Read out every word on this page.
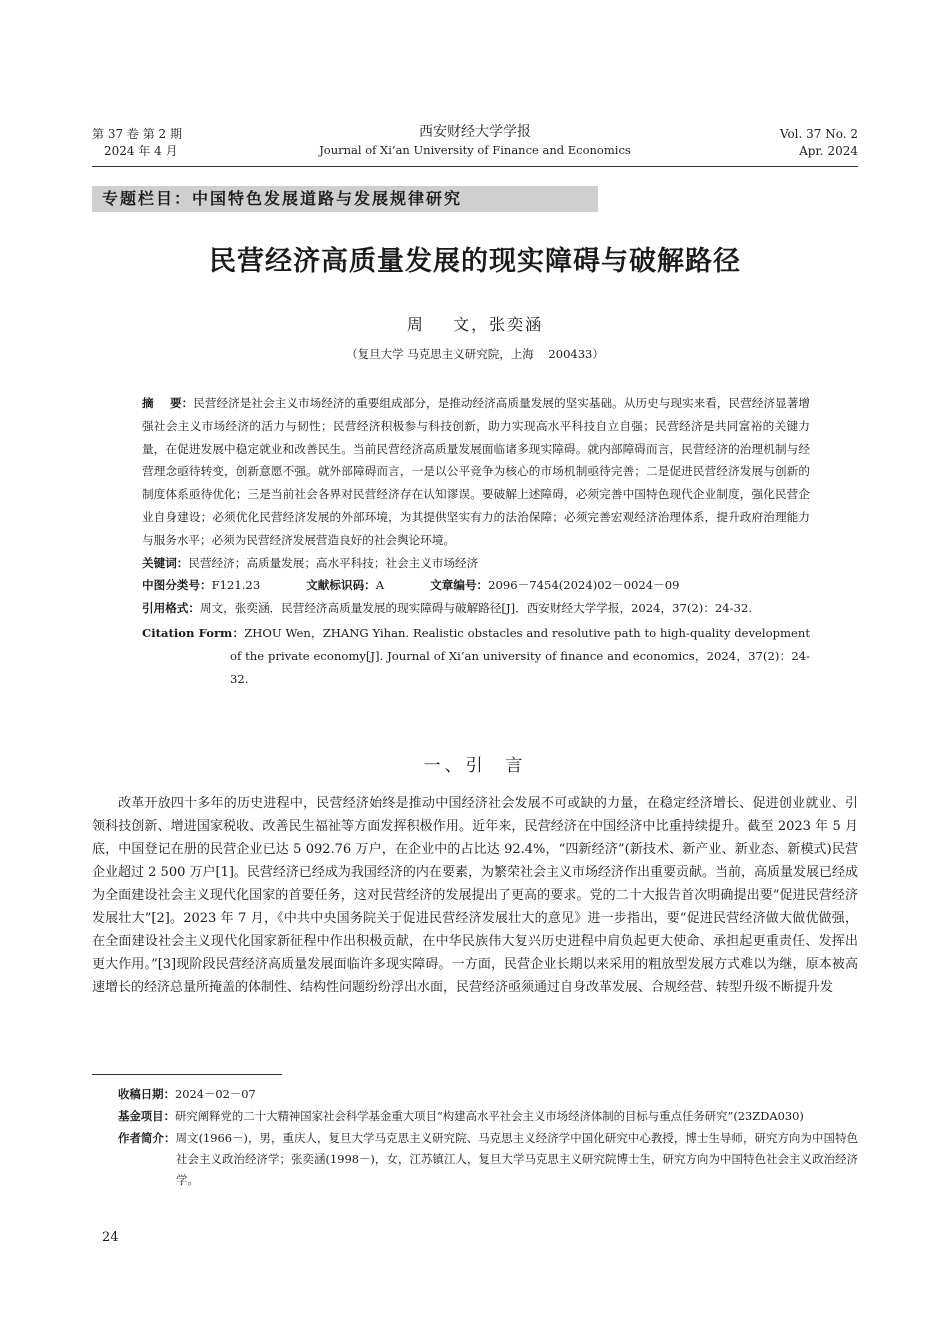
第 37 卷 第 2 期
2024 年 4 月
西安财经大学学报
Journal of Xi’an University of Finance and Economics
Vol. 37 No. 2
Apr. 2024
专题栏目：中国特色发展道路与发展规律研究
民营经济高质量发展的现实障碍与破解路径
周    文，张奕涵
（复旦大学 马克思主义研究院，上海    200433）
摘    要：民营经济是社会主义市场经济的重要组成部分，是推动经济高质量发展的坚实基础。从历史与现实来看，民营经济显著增强社会主义市场经济的活力与韧性；民营经济积极参与科技创新，助力实现高水平科技自立自强；民营经济是共同富裕的关键力量，在促进发展中稳定就业和改善民生。当前民营经济高质量发展面临诸多现实障碍。就内部障碍而言，民营经济的治理机制与经营理念亟待转变，创新意愿不强。就外部障碍而言，一是以公平竞争为核心的市场机制亟待完善；二是促进民营经济发展与创新的制度体系亟待优化；三是当前社会各界对民营经济存在认知谬误。要破解上述障碍，必须完善中国特色现代企业制度，强化民营企业自身建设；必须优化民营经济发展的外部环境，为其提供坚实有力的法治保障；必须完善宏观经济治理体系，提升政府治理能力与服务水平；必须为民营经济发展营造良好的社会舆论环境。
关键词：民营经济；高质量发展；高水平科技；社会主义市场经济
中图分类号：F121.23	文献标识码：A	文章编号：2096－7454(2024)02－0024－09
引用格式：周文，张奕涵．民营经济高质量发展的现实障碍与破解路径[J]．西安财经大学学报，2024，37(2)：24-32.
Citation Form：ZHOU Wen，ZHANG Yihan. Realistic obstacles and resolutive path to high-quality development of the private economy[J]. Journal of Xi’an university of finance and economics，2024，37(2)：24-32.
一、引  言

改革开放四十多年的历史进程中，民营经济始终是推动中国经济社会发展不可或缺的力量，在稳定经济增长、促进创业就业、引领科技创新、增进国家税收、改善民生福祉等方面发挥积极作用。近年来，民营经济在中国经济中比重持续提升。截至 2023 年 5 月底，中国登记在册的民营企业已达 5 092.76 万户，在企业中的占比达 92.4%，“四新经济”(新技术、新产业、新业态、新模式)民营企业超过 2 500 万户[1]。民营经济已经成为我国经济的内在要素，为繁荣社会主义市场经济作出重要贡献。当前，高质量发展已经成为全面建设社会主义现代化国家的首要任务，这对民营经济的发展提出了更高的要求。党的二十大报告首次明确提出要“促进民营经济发展壮大”[2]。2023 年 7 月，《中共中央国务院关于促进民营经济发展壮大的意见》进一步指出，要“促进民营经济做大做优做强，在全面建设社会主义现代化国家新征程中作出积极贡献，在中华民族伟大复兴历史进程中肩负起更大使命、承担起更重责任、发挥出更大作用。”[3]现阶段民营经济高质量发展面临许多现实障碍。一方面，民营企业长期以来采用的粗放型发展方式难以为继，原本被高速增长的经济总量所掩盖的体制性、结构性问题纷纷浮出水面，民营经济亟须通过自身改革发展、合规经营、转型升级不断提升发

收稿日期：2024－02－07
基金项目：研究阐释党的二十大精神国家社会科学基金重大项目“构建高水平社会主义市场经济体制的目标与重点任务研究”(23ZDA030)
作者简介：周文(1966－)，男，重庆人，复旦大学马克思主义研究院、马克思主义经济学中国化研究中心教授，博士生导师，研究方向为中国特色社会主义政治经济学；张奕涵(1998－)，女，江苏镇江人，复旦大学马克思主义研究院博士生，研究方向为中国特色社会主义政治经济学。
24
